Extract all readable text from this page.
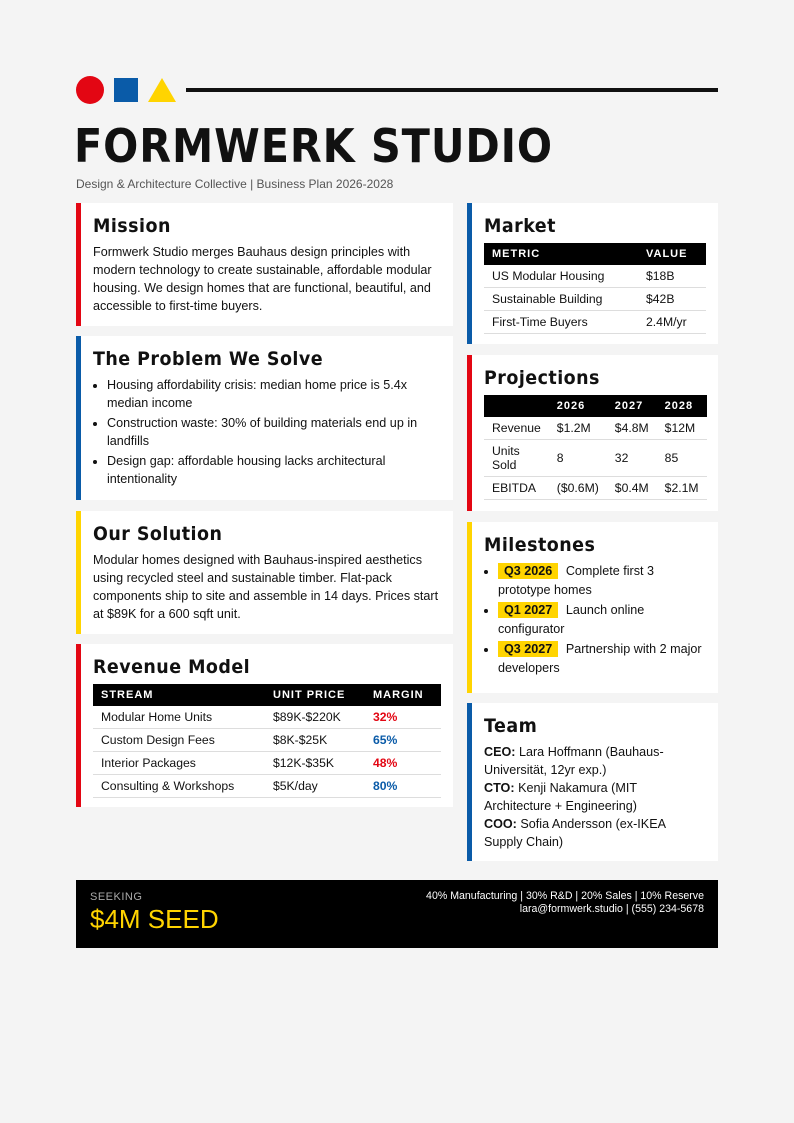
FORMWERK STUDIO
Design & Architecture Collective | Business Plan 2026-2028
Mission

Formwerk Studio merges Bauhaus design principles with modern technology to create sustainable, affordable modular housing. We design homes that are functional, beautiful, and accessible to first-time buyers.

The Problem We Solve
• Housing affordability crisis: median home price is 5.4x median income
• Construction waste: 30% of building materials end up in landfills
• Design gap: affordable housing lacks architectural intentionality
Our Solution

Modular homes designed with Bauhaus-inspired aesthetics using recycled steel and sustainable timber. Flat-pack components ship to site and assemble in 14 days. Prices start at $89K for a 600 sqft unit.

Revenue Model
STREAM	UNIT PRICE	MARGIN
Modular Home Units	$89K-$220K	32%
Custom Design Fees	$8K-$25K	65%
Interior Packages	$12K-$35K	48%
Consulting & Workshops	$5K/day	80%
Market
METRIC	VALUE
US Modular Housing	$18B
Sustainable Building	$42B
First-Time Buyers	2.4M/yr
Projections
	2026	2027	2028
Revenue	$1.2M	$4.8M	$12M
Units Sold	8	32	85
EBITDA	($0.6M)	$0.4M	$2.1M
Milestones
• Q3 2026 Complete first 3 prototype homes
• Q1 2027 Launch online configurator
• Q3 2027 Partnership with 2 major developers
Team

CEO: Lara Hoffmann (Bauhaus-Universität, 12yr exp.)

CTO: Kenji Nakamura (MIT Architecture + Engineering)

COO: Sofia Andersson (ex-IKEA Supply Chain)

SEEKING
$4M SEED
40% Manufacturing | 30% R&D | 20% Sales | 10% Reserve
lara@formwerk.studio | (555) 234-5678
